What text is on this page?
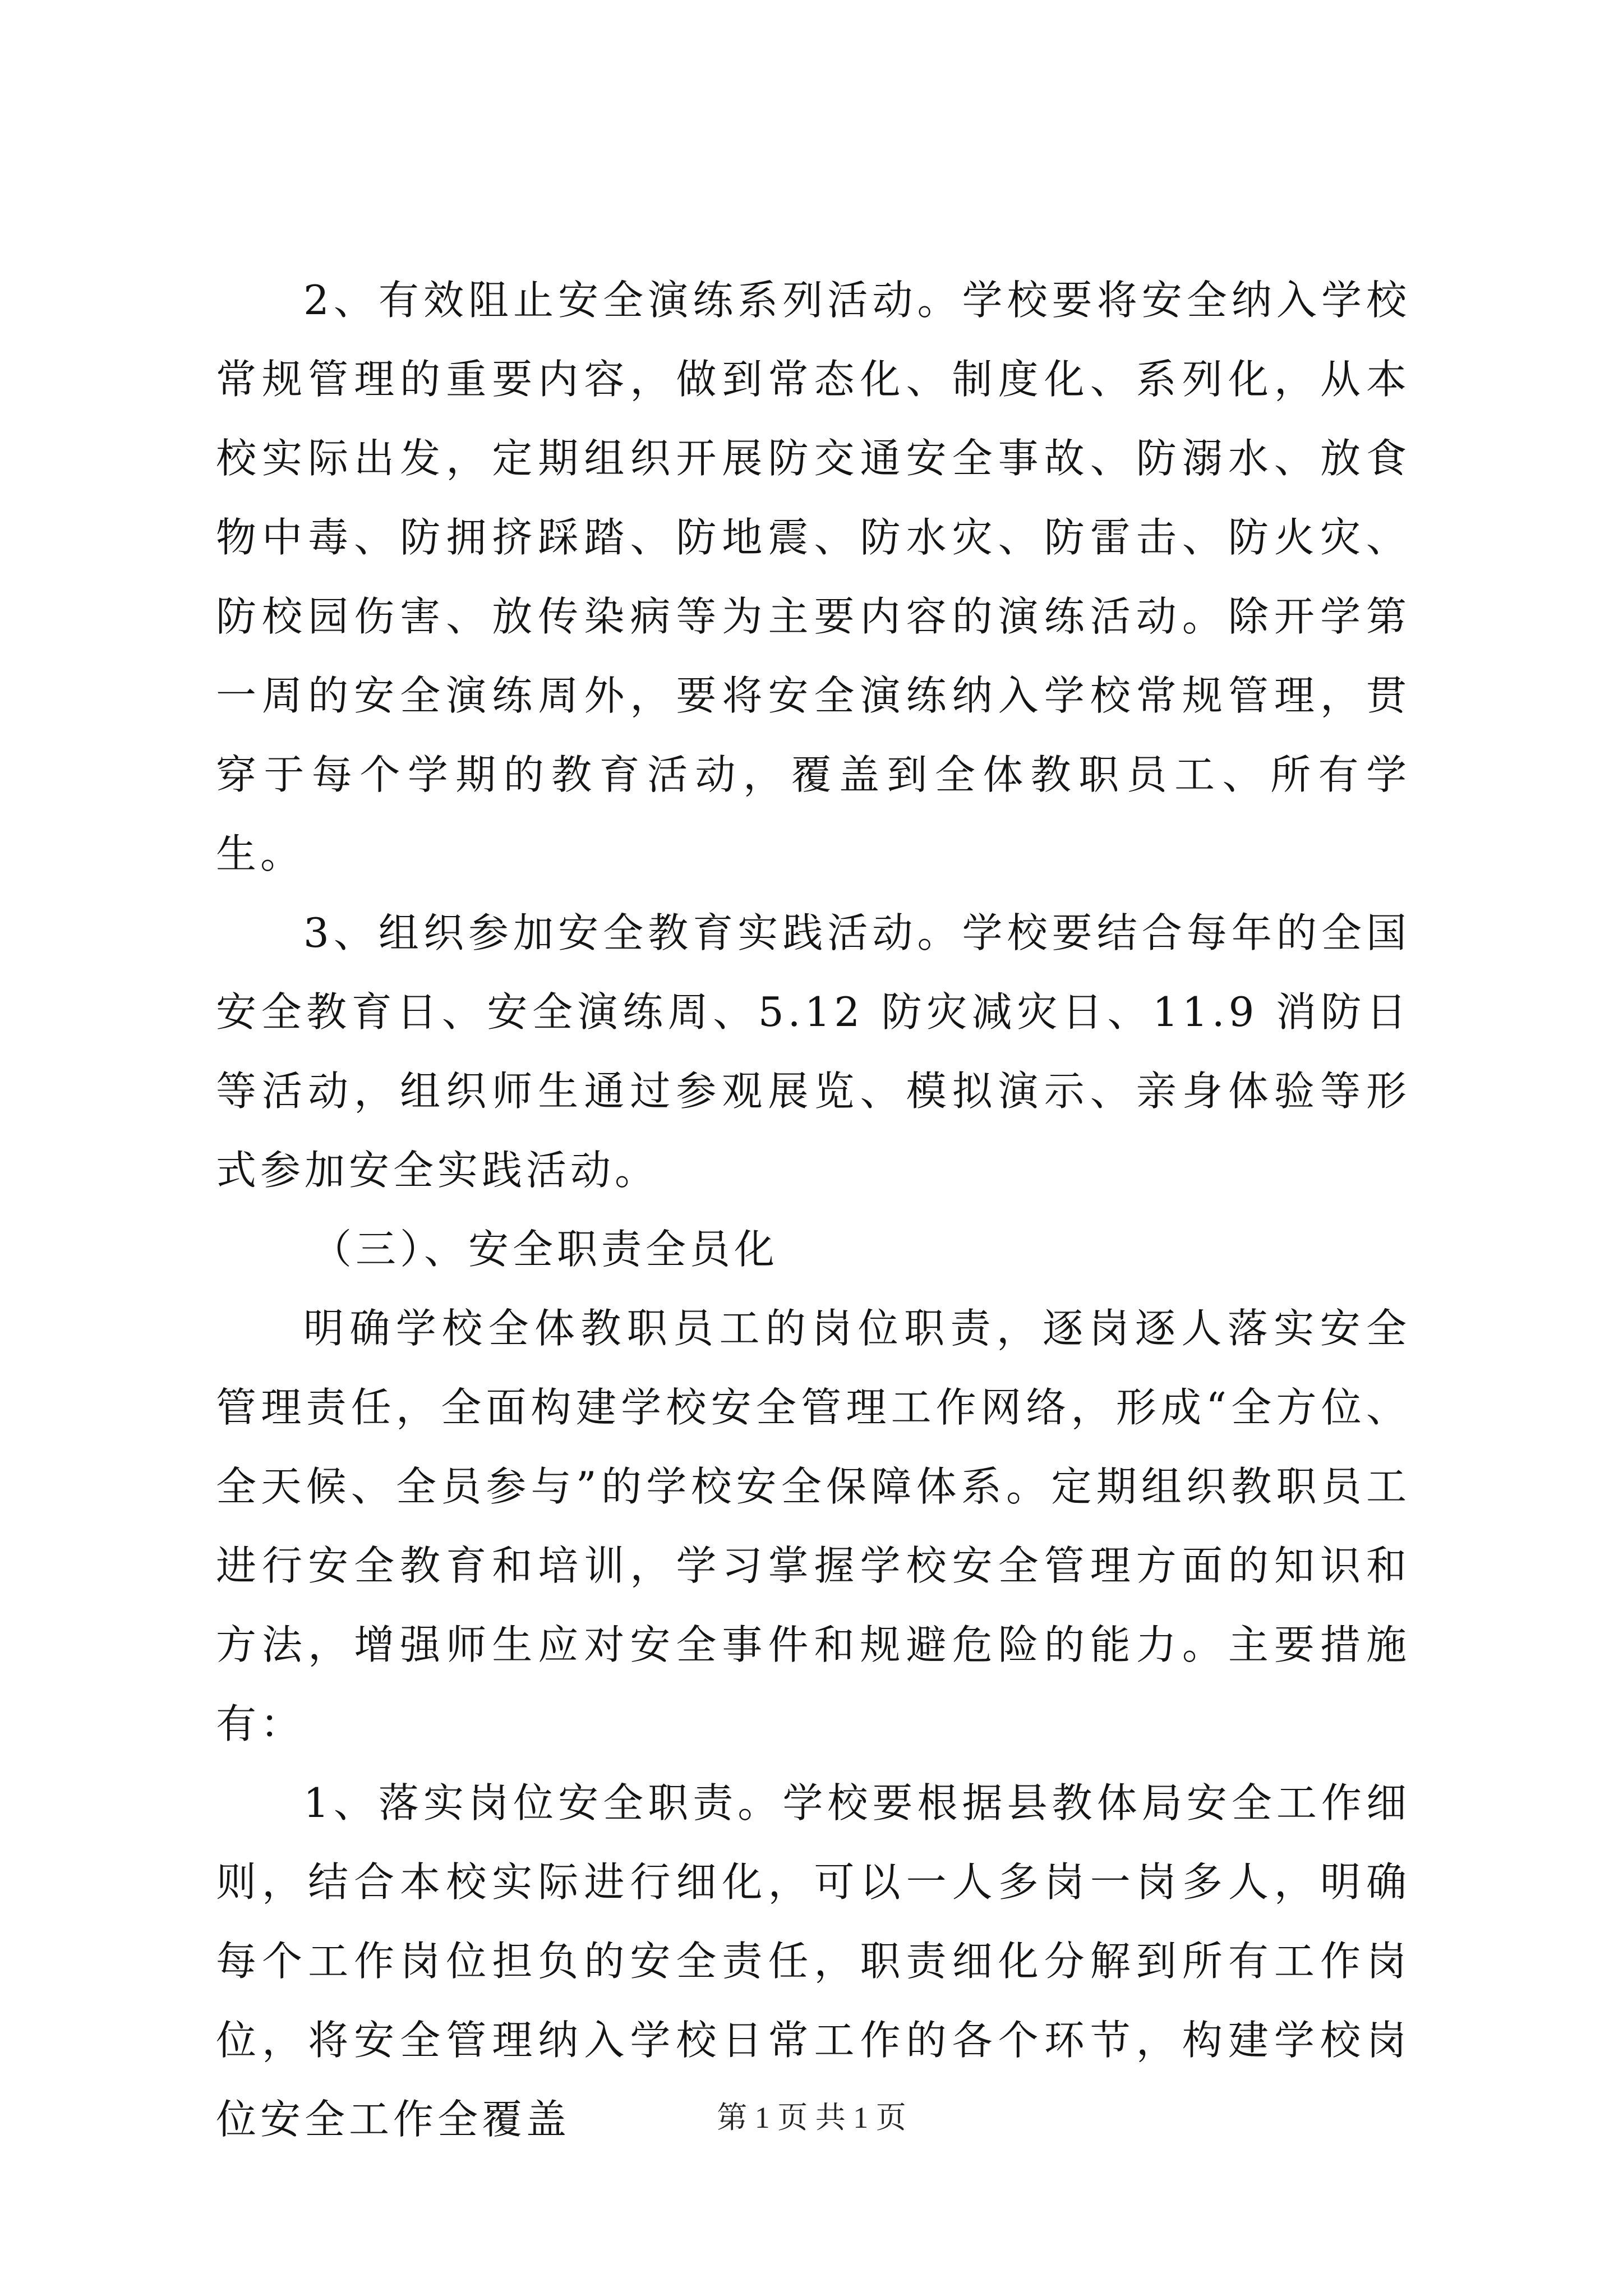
2、有效阻止安全演练系列活动。学校要将安全纳入学校常规管理的重要内容，做到常态化、制度化、系列化，从本校实际出发，定期组织开展防交通安全事故、防溺水、放食物中毒、防拥挤踩踏、防地震、防水灾、防雷击、防火灾、防校园伤害、放传染病等为主要内容的演练活动。除开学第一周的安全演练周外，要将安全演练纳入学校常规管理，贯穿于每个学期的教育活动，覆盖到全体教职员工、所有学生。

3、组织参加安全教育实践活动。学校要结合每年的全国安全教育日、安全演练周、5.12 防灾减灾日、11.9 消防日等活动，组织师生通过参观展览、模拟演示、亲身体验等形式参加安全实践活动。

（三）、安全职责全员化

明确学校全体教职员工的岗位职责，逐岗逐人落实安全管理责任，全面构建学校安全管理工作网络，形成“全方位、全天候、全员参与”的学校安全保障体系。定期组织教职员工进行安全教育和培训，学习掌握学校安全管理方面的知识和方法，增强师生应对安全事件和规避危险的能力。主要措施有：

1、落实岗位安全职责。学校要根据县教体局安全工作细则，结合本校实际进行细化，可以一人多岗一岗多人，明确每个工作岗位担负的安全责任，职责细化分解到所有工作岗位，将安全管理纳入学校日常工作的各个环节，构建学校岗位安全工作全覆盖	第 1 页 共 1 页
